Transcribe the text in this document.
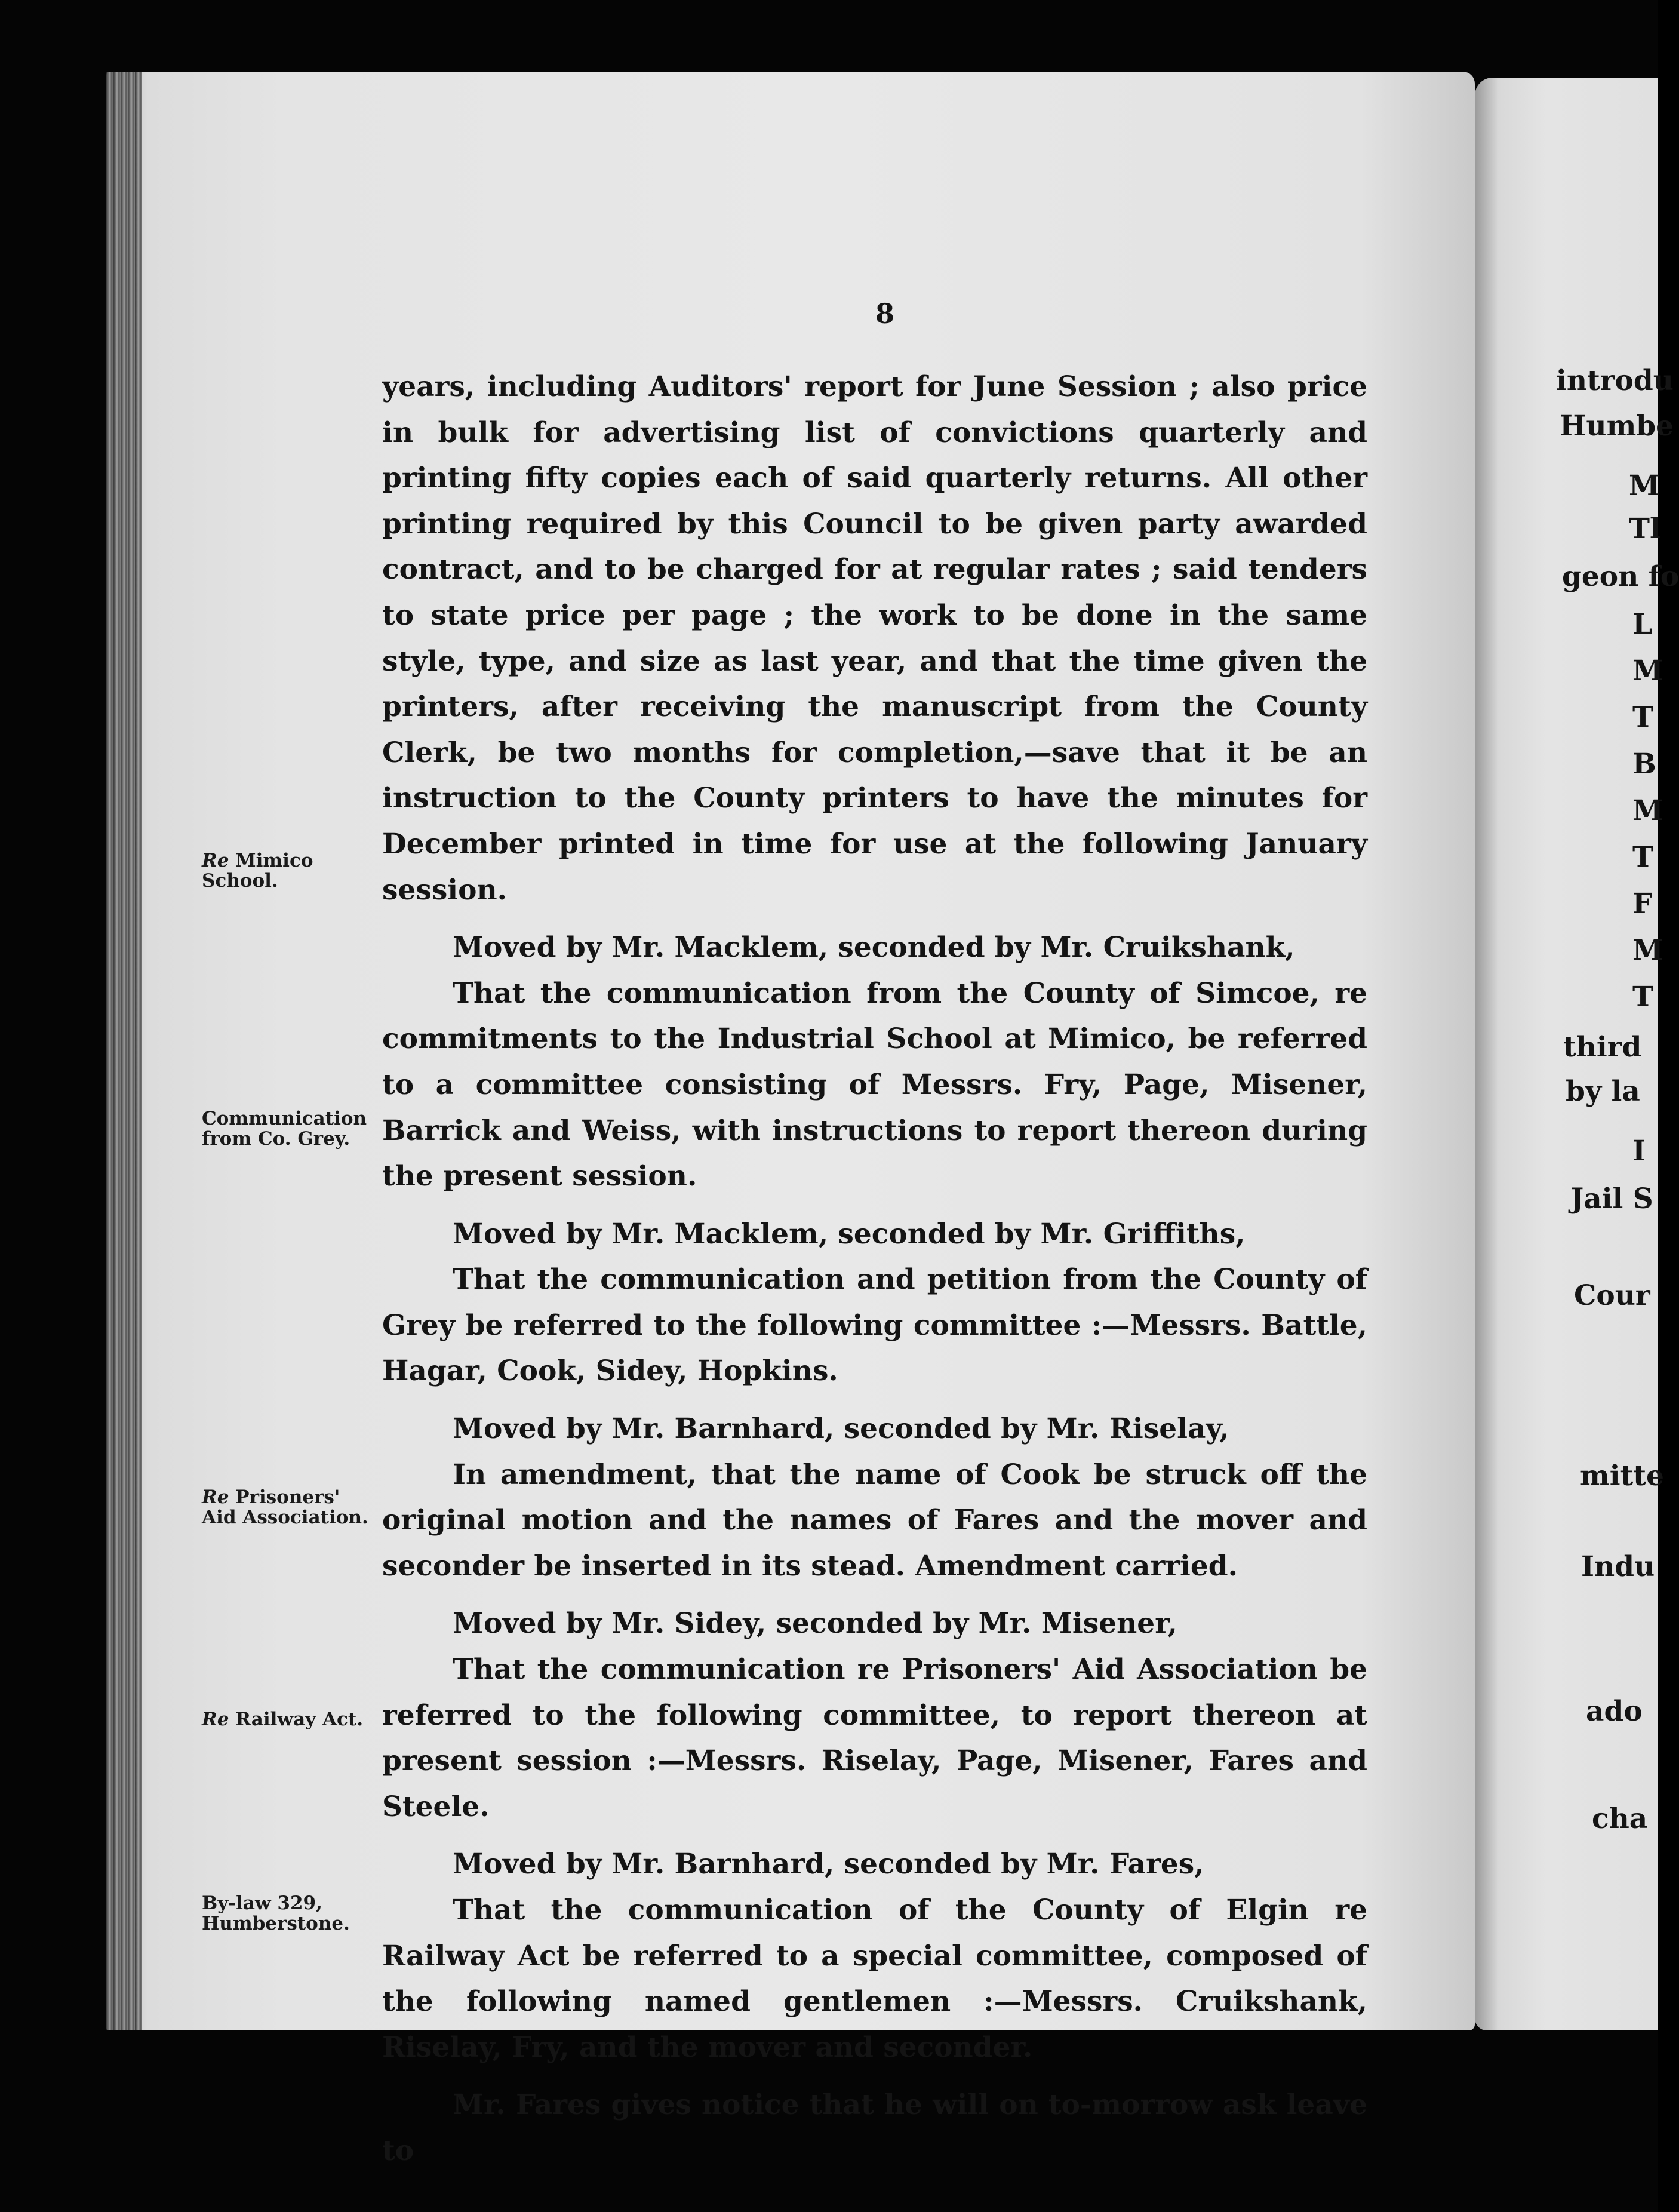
8

years, including Auditors' report for June Session ; also price in bulk for advertising list of convictions quarterly and printing fifty copies each of said quarterly returns. All other printing required by this Council to be given party awarded contract, and to be charged for at regular rates ; said tenders to state price per page ; the work to be done in the same style, type, and size as last year, and that the time given the printers, after receiving the manuscript from the County Clerk, be two months for completion,—save that it be an instruction to the County printers to have the minutes for December printed in time for use at the following January session.

Moved by Mr. Macklem, seconded by Mr. Cruikshank,

That the communication from the County of Simcoe, re commitments to the Industrial School at Mimico, be referred to a committee consisting of Messrs. Fry, Page, Misener, Barrick and Weiss, with instructions to report thereon during the present session.

Moved by Mr. Macklem, seconded by Mr. Griffiths,

That the communication and petition from the County of Grey be referred to the following committee :—Messrs. Battle, Hagar, Cook, Sidey, Hopkins.

Moved by Mr. Barnhard, seconded by Mr. Riselay,

In amendment, that the name of Cook be struck off the original motion and the names of Fares and the mover and seconder be inserted in its stead. Amendment carried.

Moved by Mr. Sidey, seconded by Mr. Misener,

That the communication re Prisoners' Aid Association be referred to the following committee, to report thereon at present session :—Messrs. Riselay, Page, Misener, Fares and Steele.

Moved by Mr. Barnhard, seconded by Mr. Fares,

That the communication of the County of Elgin re Railway Act be referred to a special committee, composed of the following named gentlemen :—Messrs. Cruikshank, Riselay, Fry, and the mover and seconder.

Mr. Fares gives notice that he will on to-morrow ask leave to

Re Mimico
School.
Communication
from Co. Grey.
Re Prisoners'
Aid Association.
Re Railway Act.
By-law 329,
Humberstone.
introdu
Humbe
M
Tl
geon fo
L
M
T
B
M
T
F
M
T
third
by la
I
Jail S
Cour
mitte
Indu
ado
cha
